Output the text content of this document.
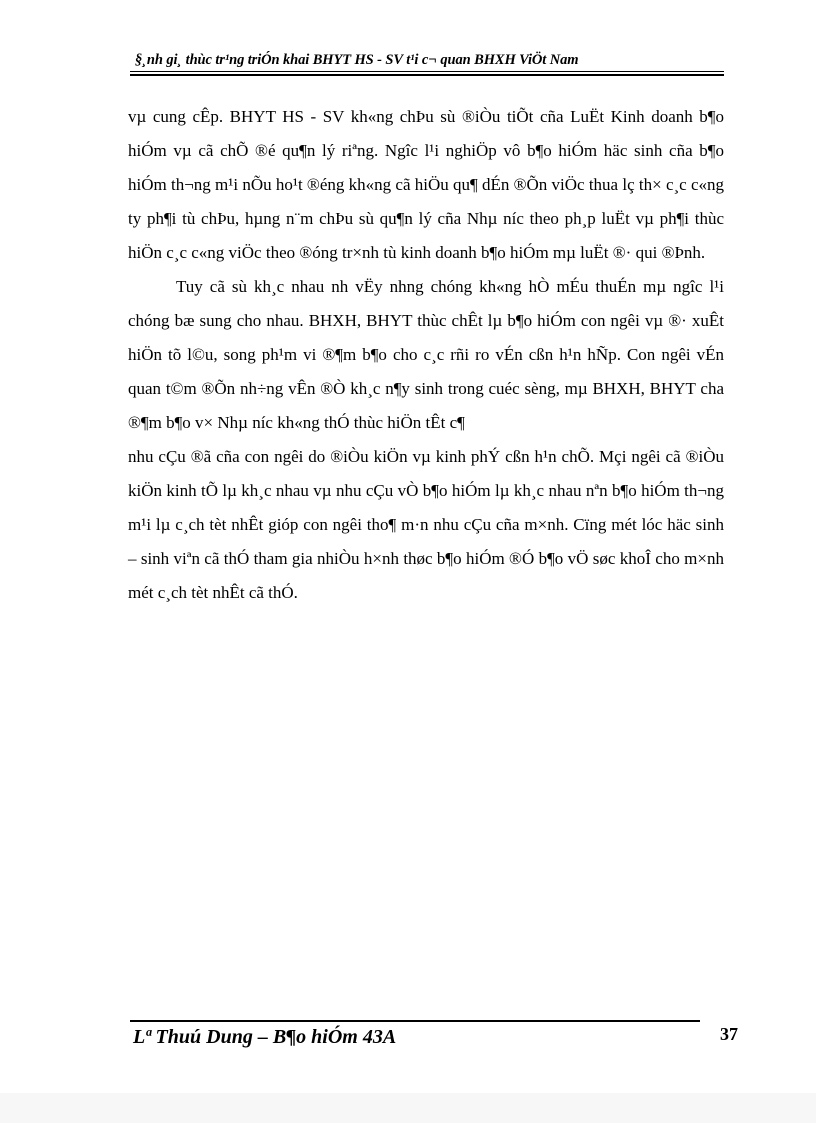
§¸nh gi¸ thùc tr¹ng triÓn khai BHYT HS - SV t¹i c¬ quan BHXH ViÖt Nam

vµ cung cÊp. BHYT HS - SV kh«ng chÞu sù ®iÒu tiÕt cña LuËt Kinh doanh b¶o hiÓm vµ cã chÕ ®é qu¶n lý riªng. Ngîc l¹i nghiÖp vô b¶o hiÓm häc sinh cña b¶o hiÓm th¬ng m¹i nÕu ho¹t ®éng kh«ng cã hiÖu qu¶ dÉn ®Õn viÖc thua lç th× c¸c c«ng ty ph¶i tù chÞu, hµng n¨m chÞu sù qu¶n lý cña Nhµ níc theo ph¸p luËt vµ ph¶i thùc hiÖn c¸c c«ng viÖc theo ®óng tr×nh tù kinh doanh b¶o hiÓm mµ luËt ®· qui ®Þnh.

Tuy cã sù kh¸c nhau nh vËy nhng chóng kh«ng hÒ mÉu thuÉn mµ ngîc l¹i chóng bæ sung cho nhau. BHXH, BHYT thùc chÊt lµ b¶o hiÓm con ngêi vµ ®· xuÊt hiÖn tõ l©u, song ph¹m vi ®¶m b¶o cho c¸c rñi ro vÉn cßn h¹n hÑp. Con ngêi vÉn quan t©m ®Õn nh÷ng vÊn ®Ò kh¸c n¶y sinh trong cuéc sèng, mµ BHXH, BHYT cha ®¶m b¶o v× Nhµ níc kh«ng thÓ thùc hiÖn tÊt c¶

nhu cÇu ®ã cña con ngêi do ®iÒu kiÖn vµ kinh phÝ cßn h¹n chÕ. Mçi ngêi cã ®iÒu kiÖn kinh tÕ lµ kh¸c nhau vµ nhu cÇu vÒ b¶o hiÓm lµ kh¸c nhau nªn b¶o hiÓm th¬ng m¹i lµ c¸ch tèt nhÊt gióp con ngêi tho¶ m·n nhu cÇu cña m×nh. Cïng mét lóc häc sinh – sinh viªn cã thÓ tham gia nhiÒu h×nh thøc b¶o hiÓm ®Ó b¶o vÖ søc khoÎ cho m×nh mét c¸ch tèt nhÊt cã thÓ.

Lª Thuú Dung – B¶o hiÓm 43A	37
